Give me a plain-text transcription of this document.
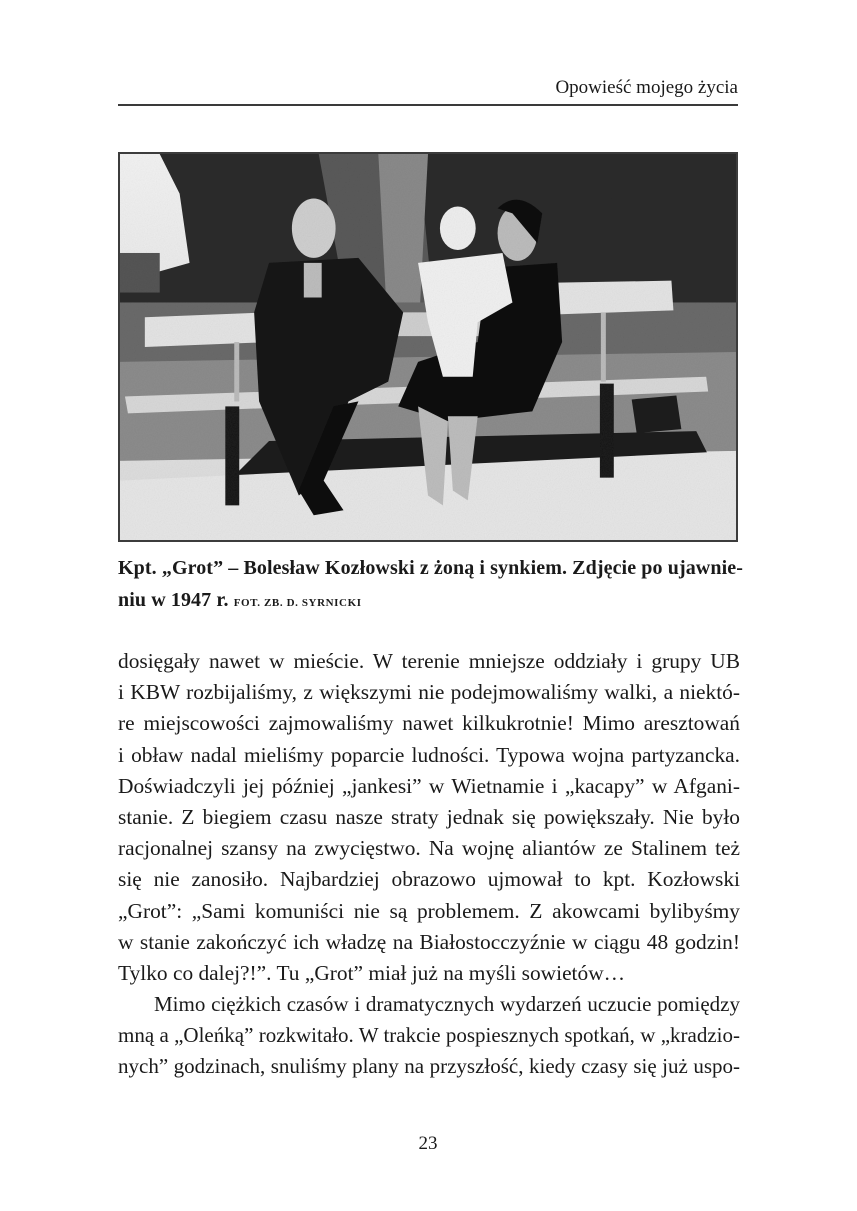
Opowieść mojego życia
Kpt. „Grot” – Bolesław Kozłowski z żoną i synkiem. Zdjęcie po ujawnie-
niu w 1947 r. FOT. ZB. D. SYRNICKI
dosięgały nawet w mieście. W terenie mniejsze oddziały i grupy UB
i KBW rozbijaliśmy, z większymi nie podejmowaliśmy walki, a niektó-
re miejscowości zajmowaliśmy nawet kilkukrotnie! Mimo aresztowań
i obław nadal mieliśmy poparcie ludności. Typowa wojna partyzancka.
Doświadczyli jej później „jankesi” w Wietnamie i „kacapy” w Afgani-
stanie. Z biegiem czasu nasze straty jednak się powiększały. Nie było
racjonalnej szansy na zwycięstwo. Na wojnę aliantów ze Stalinem też
się nie zanosiło. Najbardziej obrazowo ujmował to kpt. Kozłowski
„Grot”: „Sami komuniści nie są problemem. Z akowcami bylibyśmy
w stanie zakończyć ich władzę na Białostocczyźnie w ciągu 48 godzin!
Tylko co dalej?!”. Tu „Grot” miał już na myśli sowietów…
Mimo ciężkich czasów i dramatycznych wydarzeń uczucie pomiędzy
mną a „Oleńką” rozkwitało. W trakcie pospiesznych spotkań, w „kradzio-
nych” godzinach, snuliśmy plany na przyszłość, kiedy czasy się już uspo-
23
